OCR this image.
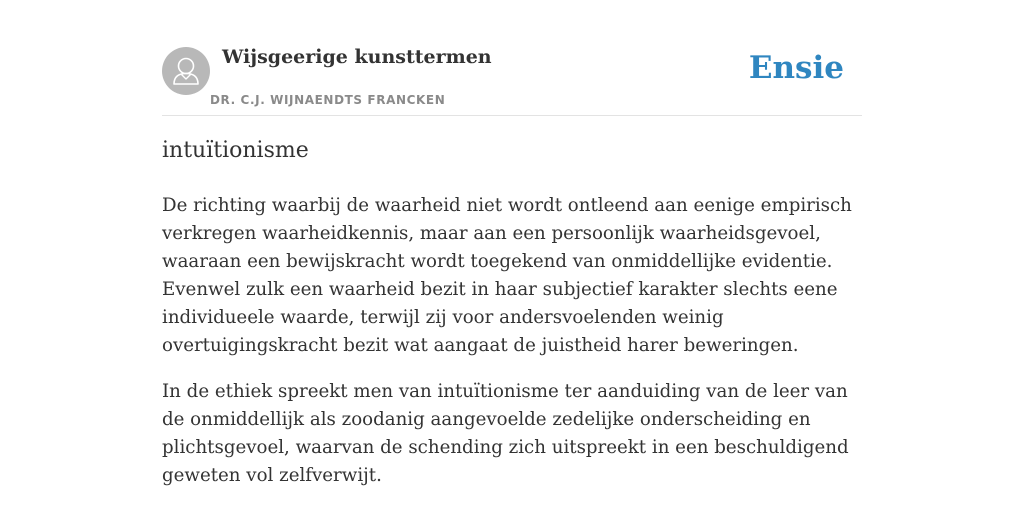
Wijsgeerige kunsttermen
DR. C.J. WIJNAENDTS FRANCKEN
Ensie
intuïtionisme

De richting waarbij de waarheid niet wordt ontleend aan eenige empirisch verkregen waarheidkennis, maar aan een persoonlijk waarheidsgevoel, waaraan een bewijskracht wordt toegekend van onmiddellijke evidentie. Evenwel zulk een waarheid bezit in haar subjectief karakter slechts eene individueele waarde, terwijl zij voor andersvoelenden weinig overtuigingskracht bezit wat aangaat de juistheid harer beweringen.

In de ethiek spreekt men van intuïtionisme ter aanduiding van de leer van de onmiddellijk als zoodanig aangevoelde zedelijke onderscheiding en plichtsgevoel, waarvan de schending zich uitspreekt in een beschuldigend geweten vol zelfverwijt.
